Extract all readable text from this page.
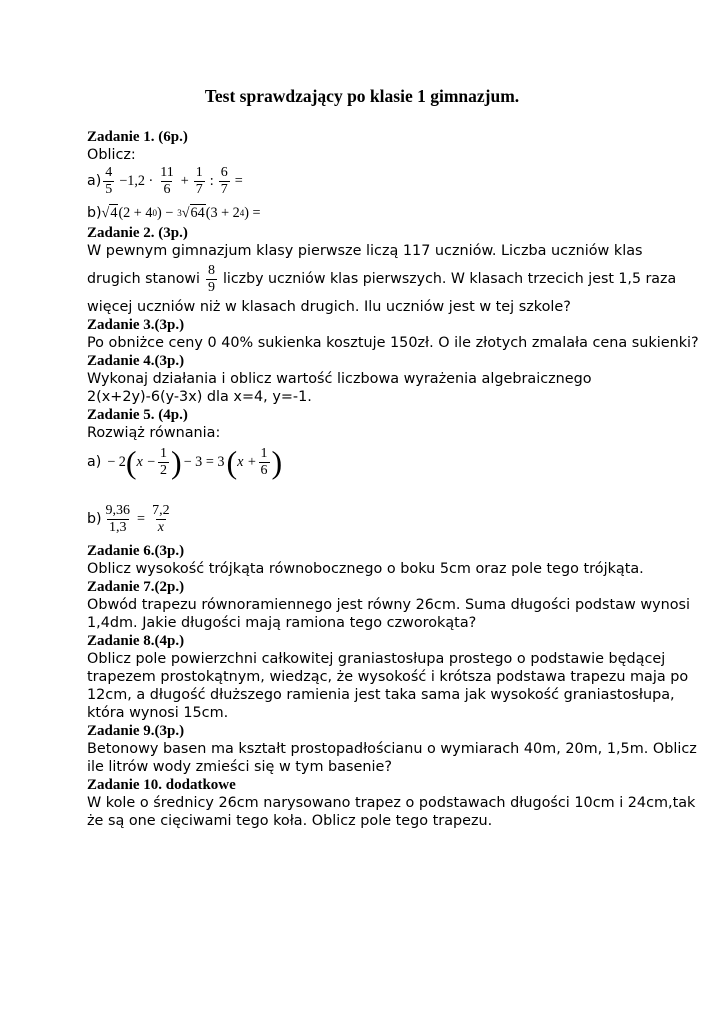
Test sprawdzający po klasie 1 gimnazjum.
Zadanie 1. (6p.)
Oblicz:
$a) \frac{4}{5} -1,2 \cdot \frac{11}{6} + \frac{1}{7}$ : $\frac{6}{7}$ =
b) √ 4 (2 + 4 0 ) − 3 √ 64 (3 + 2 4 ) =
Zadanie 2. (3p.)
W pewnym gimnazjum klasy pierwsze liczą 117 uczniów. Liczba uczniów klas
drugich stanowi $\frac{8}{9}$ liczby uczniów klas pierwszych. W klasach trzecich jest 1,5 raza
więcej uczniów niż w klasach drugich. Ilu uczniów jest w tej szkole?
Zadanie 3.(3p.)
Po obniżce ceny 0 40% sukienka kosztuje 150zł. O ile złotych zmalała cena sukienki?
Zadanie 4.(3p.)
Wykonaj działania i oblicz wartość liczbowa wyrażenia algebraicznego
2(x+2y)-6(y-3x) dla x=4, y=-1.
Zadanie 5. (4p.)
Rozwiąż równania:
a) − 2 ( $x - \frac{1}{2}$ ) − 3 = 3 ( $x + \frac{1}{6}$ )
$b) \frac{9,36}{1,3} = \frac{7,2}{x}$
Zadanie 6.(3p.)
Oblicz wysokość trójkąta równobocznego o boku 5cm oraz pole tego trójkąta.
Zadanie 7.(2p.)
Obwód trapezu równoramiennego jest równy 26cm. Suma długości podstaw wynosi
1,4dm. Jakie długości mają ramiona tego czworokąta?
Zadanie 8.(4p.)
Oblicz pole powierzchni całkowitej graniastosłupa prostego o podstawie będącej
trapezem prostokątnym, wiedząc, że wysokość i krótsza podstawa trapezu maja po
12cm, a długość dłuższego ramienia jest taka sama jak wysokość graniastosłupa,
która wynosi 15cm.
Zadanie 9.(3p.)
Betonowy basen ma kształt prostopadłościanu o wymiarach 40m, 20m, 1,5m. Oblicz
ile litrów wody zmieści się w tym basenie?
Zadanie 10. dodatkowe
W kole o średnicy 26cm narysowano trapez o podstawach długości 10cm i 24cm,tak
że są one cięciwami tego koła. Oblicz pole tego trapezu.
